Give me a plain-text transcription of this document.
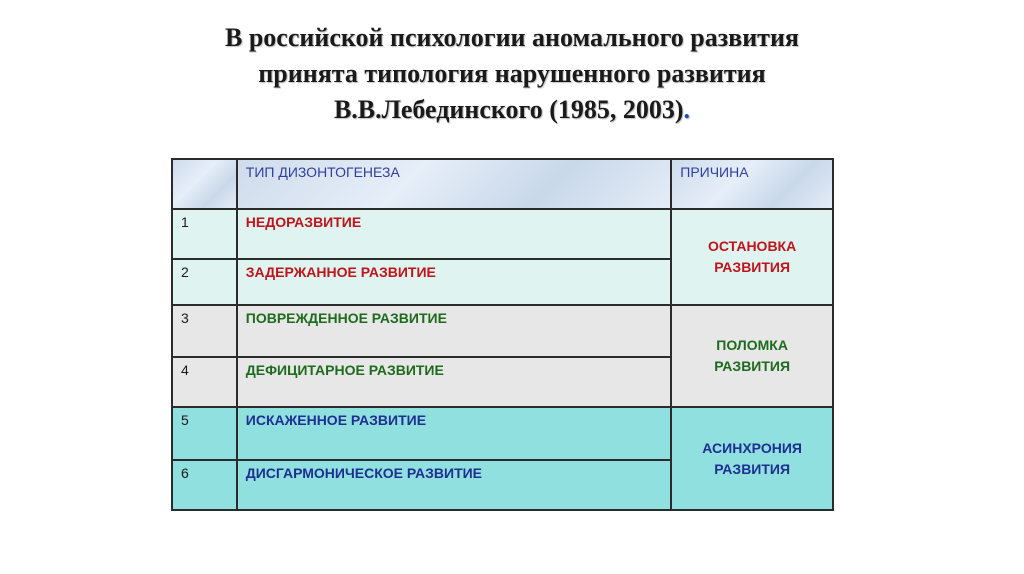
В российской психологии аномального развития
принята типология нарушенного развития
В.В.Лебединского (1985, 2003).
	ТИП ДИЗОНТОГЕНЕЗА	ПРИЧИНА
1	НЕДОРАЗВИТИЕ	ОСТАНОВКА
РАЗВИТИЯ

2	ЗАДЕРЖАННОЕ РАЗВИТИЕ	
3	ПОВРЕЖДЕННОЕ РАЗВИТИЕ	ПОЛОМКА
РАЗВИТИЯ

4	ДЕФИЦИТАРНОЕ РАЗВИТИЕ	
5	ИСКАЖЕННОЕ РАЗВИТИЕ	АСИНХРОНИЯ
РАЗВИТИЯ

6	ДИСГАРМОНИЧЕСКОЕ РАЗВИТИЕ	
